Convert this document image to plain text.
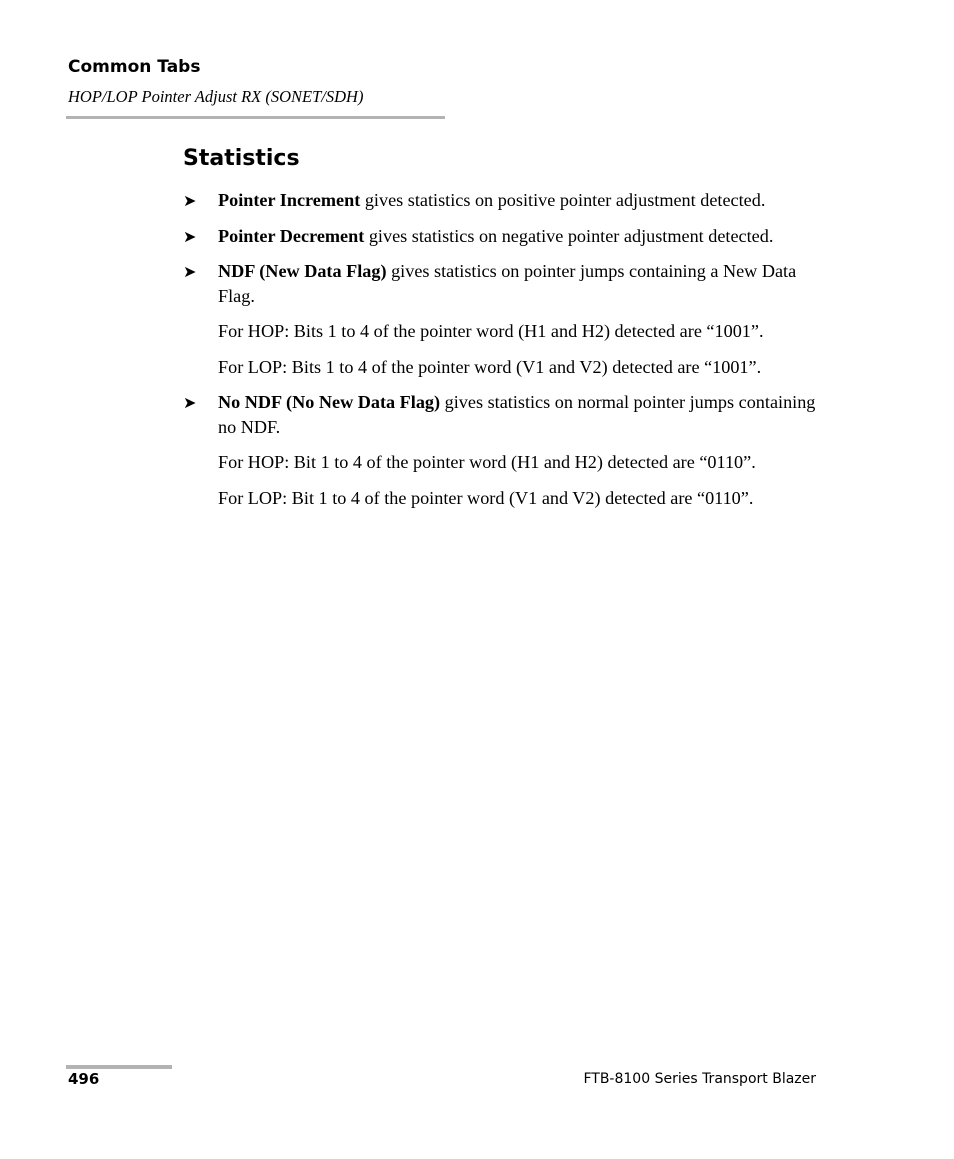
Common Tabs
HOP/LOP Pointer Adjust RX (SONET/SDH)
Statistics
➤ Pointer Increment gives statistics on positive pointer adjustment detected.
➤ Pointer Decrement gives statistics on negative pointer adjustment detected.
➤ NDF (New Data Flag) gives statistics on pointer jumps containing a New Data Flag.

For HOP: Bits 1 to 4 of the pointer word (H1 and H2) detected are “1001”.

For LOP: Bits 1 to 4 of the pointer word (V1 and V2) detected are “1001”.

➤ No NDF (No New Data Flag) gives statistics on normal pointer jumps containing no NDF.

For HOP: Bit 1 to 4 of the pointer word (H1 and H2) detected are “0110”.

For LOP: Bit 1 to 4 of the pointer word (V1 and V2) detected are “0110”.

496	FTB-8100 Series Transport Blazer
